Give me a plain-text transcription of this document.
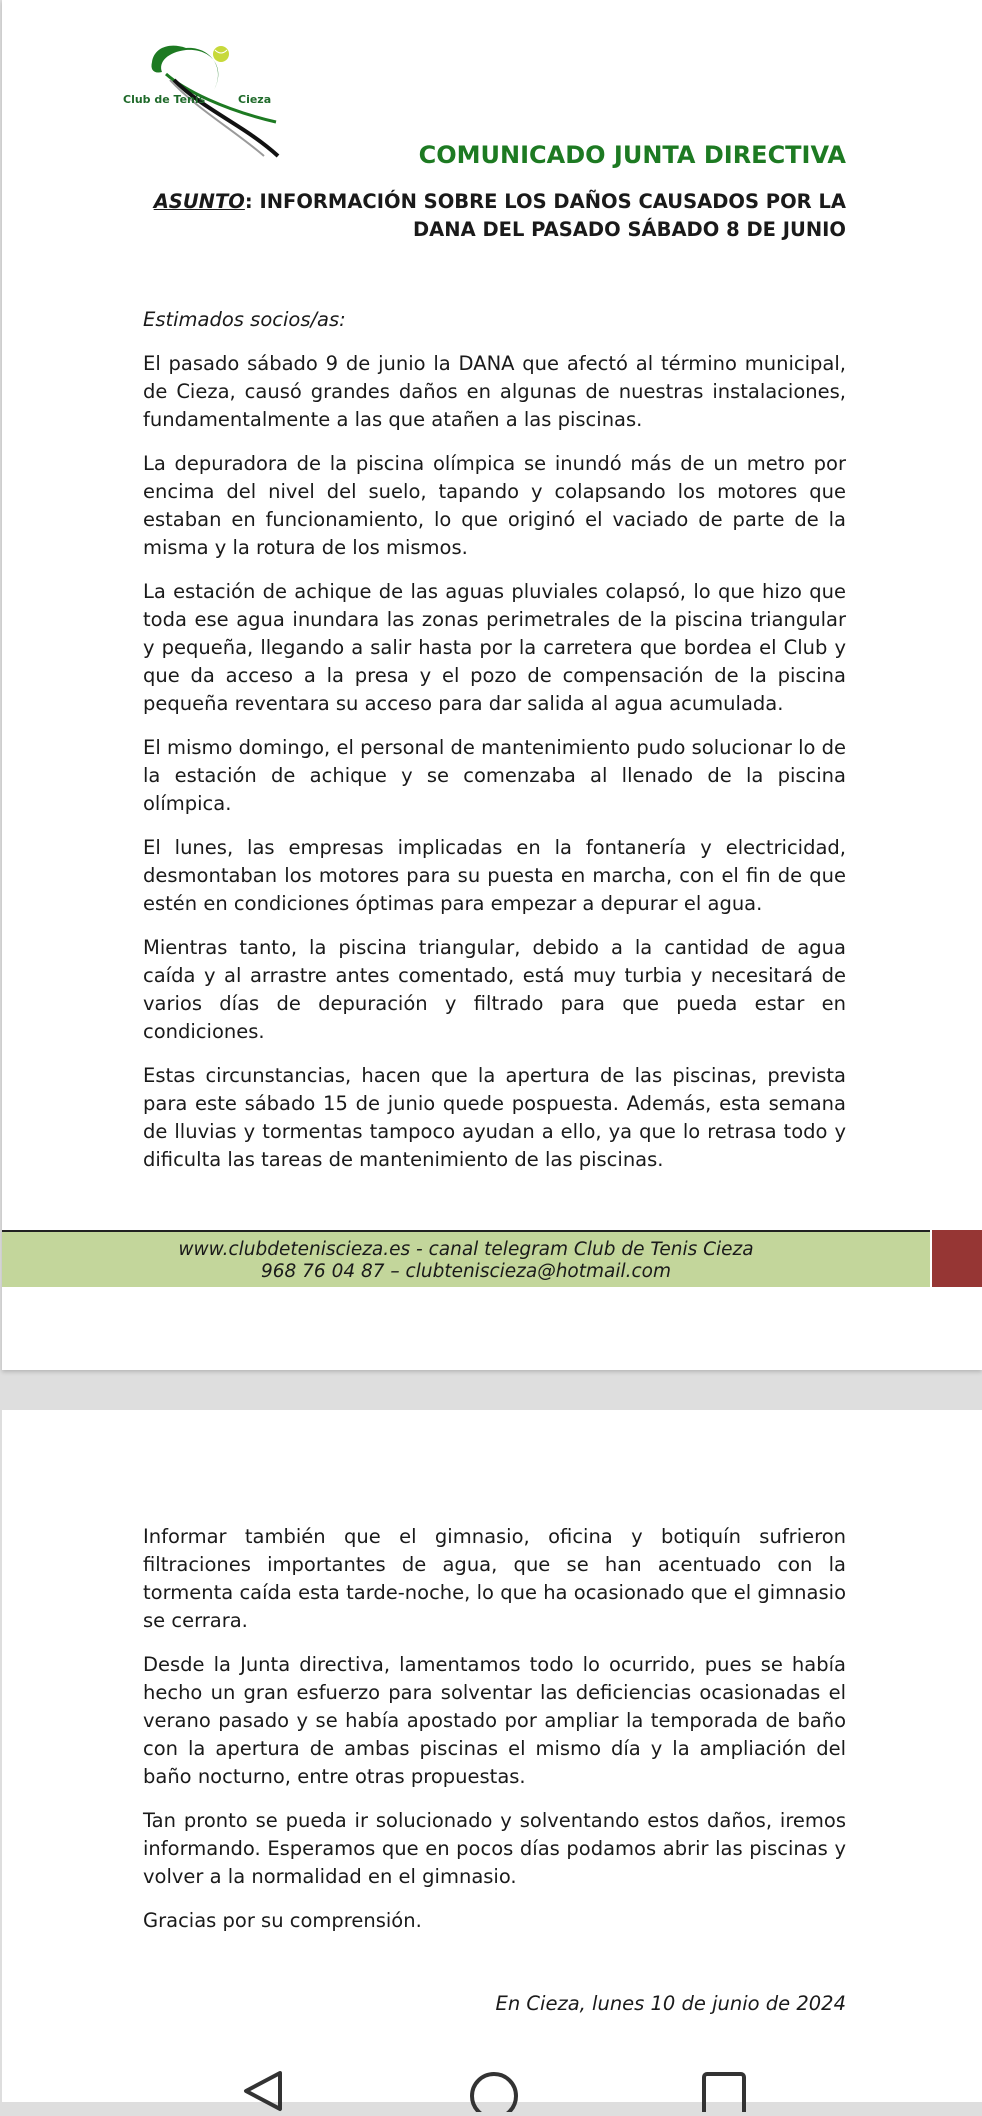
Club de Tenis	Cieza
COMUNICADO JUNTA DIRECTIVA
ASUNTO: INFORMACIÓN SOBRE LOS DAÑOS CAUSADOS POR LA DANA DEL PASADO SÁBADO 8 DE JUNIO

Estimados socios/as:

El pasado sábado 9 de junio la DANA que afectó al término municipal, de Cieza, causó grandes daños en algunas de nuestras instalaciones, fundamentalmente a las que atañen a las piscinas.

La depuradora de la piscina olímpica se inundó más de un metro por encima del nivel del suelo, tapando y colapsando los motores que estaban en funcionamiento, lo que originó el vaciado de parte de la misma y la rotura de los mismos.

La estación de achique de las aguas pluviales colapsó, lo que hizo que toda ese agua inundara las zonas perimetrales de la piscina triangular y pequeña, llegando a salir hasta por la carretera que bordea el Club y que da acceso a la presa y el pozo de compensación de la piscina pequeña reventara su acceso para dar salida al agua acumulada.

El mismo domingo, el personal de mantenimiento pudo solucionar lo de la estación de achique y se comenzaba al llenado de la piscina olímpica.

El lunes, las empresas implicadas en la fontanería y electricidad, desmontaban los motores para su puesta en marcha, con el fin de que estén en condiciones óptimas para empezar a depurar el agua.

Mientras tanto, la piscina triangular, debido a la cantidad de agua caída y al arrastre antes comentado, está muy turbia y necesitará de varios días de depuración y filtrado para que pueda estar en condiciones.

Estas circunstancias, hacen que la apertura de las piscinas, prevista para este sábado 15 de junio quede pospuesta. Además, esta semana de lluvias y tormentas tampoco ayudan a ello, ya que lo retrasa todo y dificulta las tareas de mantenimiento de las piscinas.

www.clubdetenisciezа.es - canal telegram Club de Tenis Cieza
968 76 04 87 – clubteniscieza@hotmail.com

Informar también que el gimnasio, oficina y botiquín sufrieron filtraciones importantes de agua, que se han acentuado con la tormenta caída esta tarde-noche, lo que ha ocasionado que el gimnasio se cerrara.

Desde la Junta directiva, lamentamos todo lo ocurrido, pues se había hecho un gran esfuerzo para solventar las deficiencias ocasionadas el verano pasado y se había apostado por ampliar la temporada de baño con la apertura de ambas piscinas el mismo día y la ampliación del baño nocturno, entre otras propuestas.

Tan pronto se pueda ir solucionado y solventando estos daños, iremos informando. Esperamos que en pocos días podamos abrir las piscinas y volver a la normalidad en el gimnasio.

Gracias por su comprensión.

En Cieza, lunes 10 de junio de 2024
